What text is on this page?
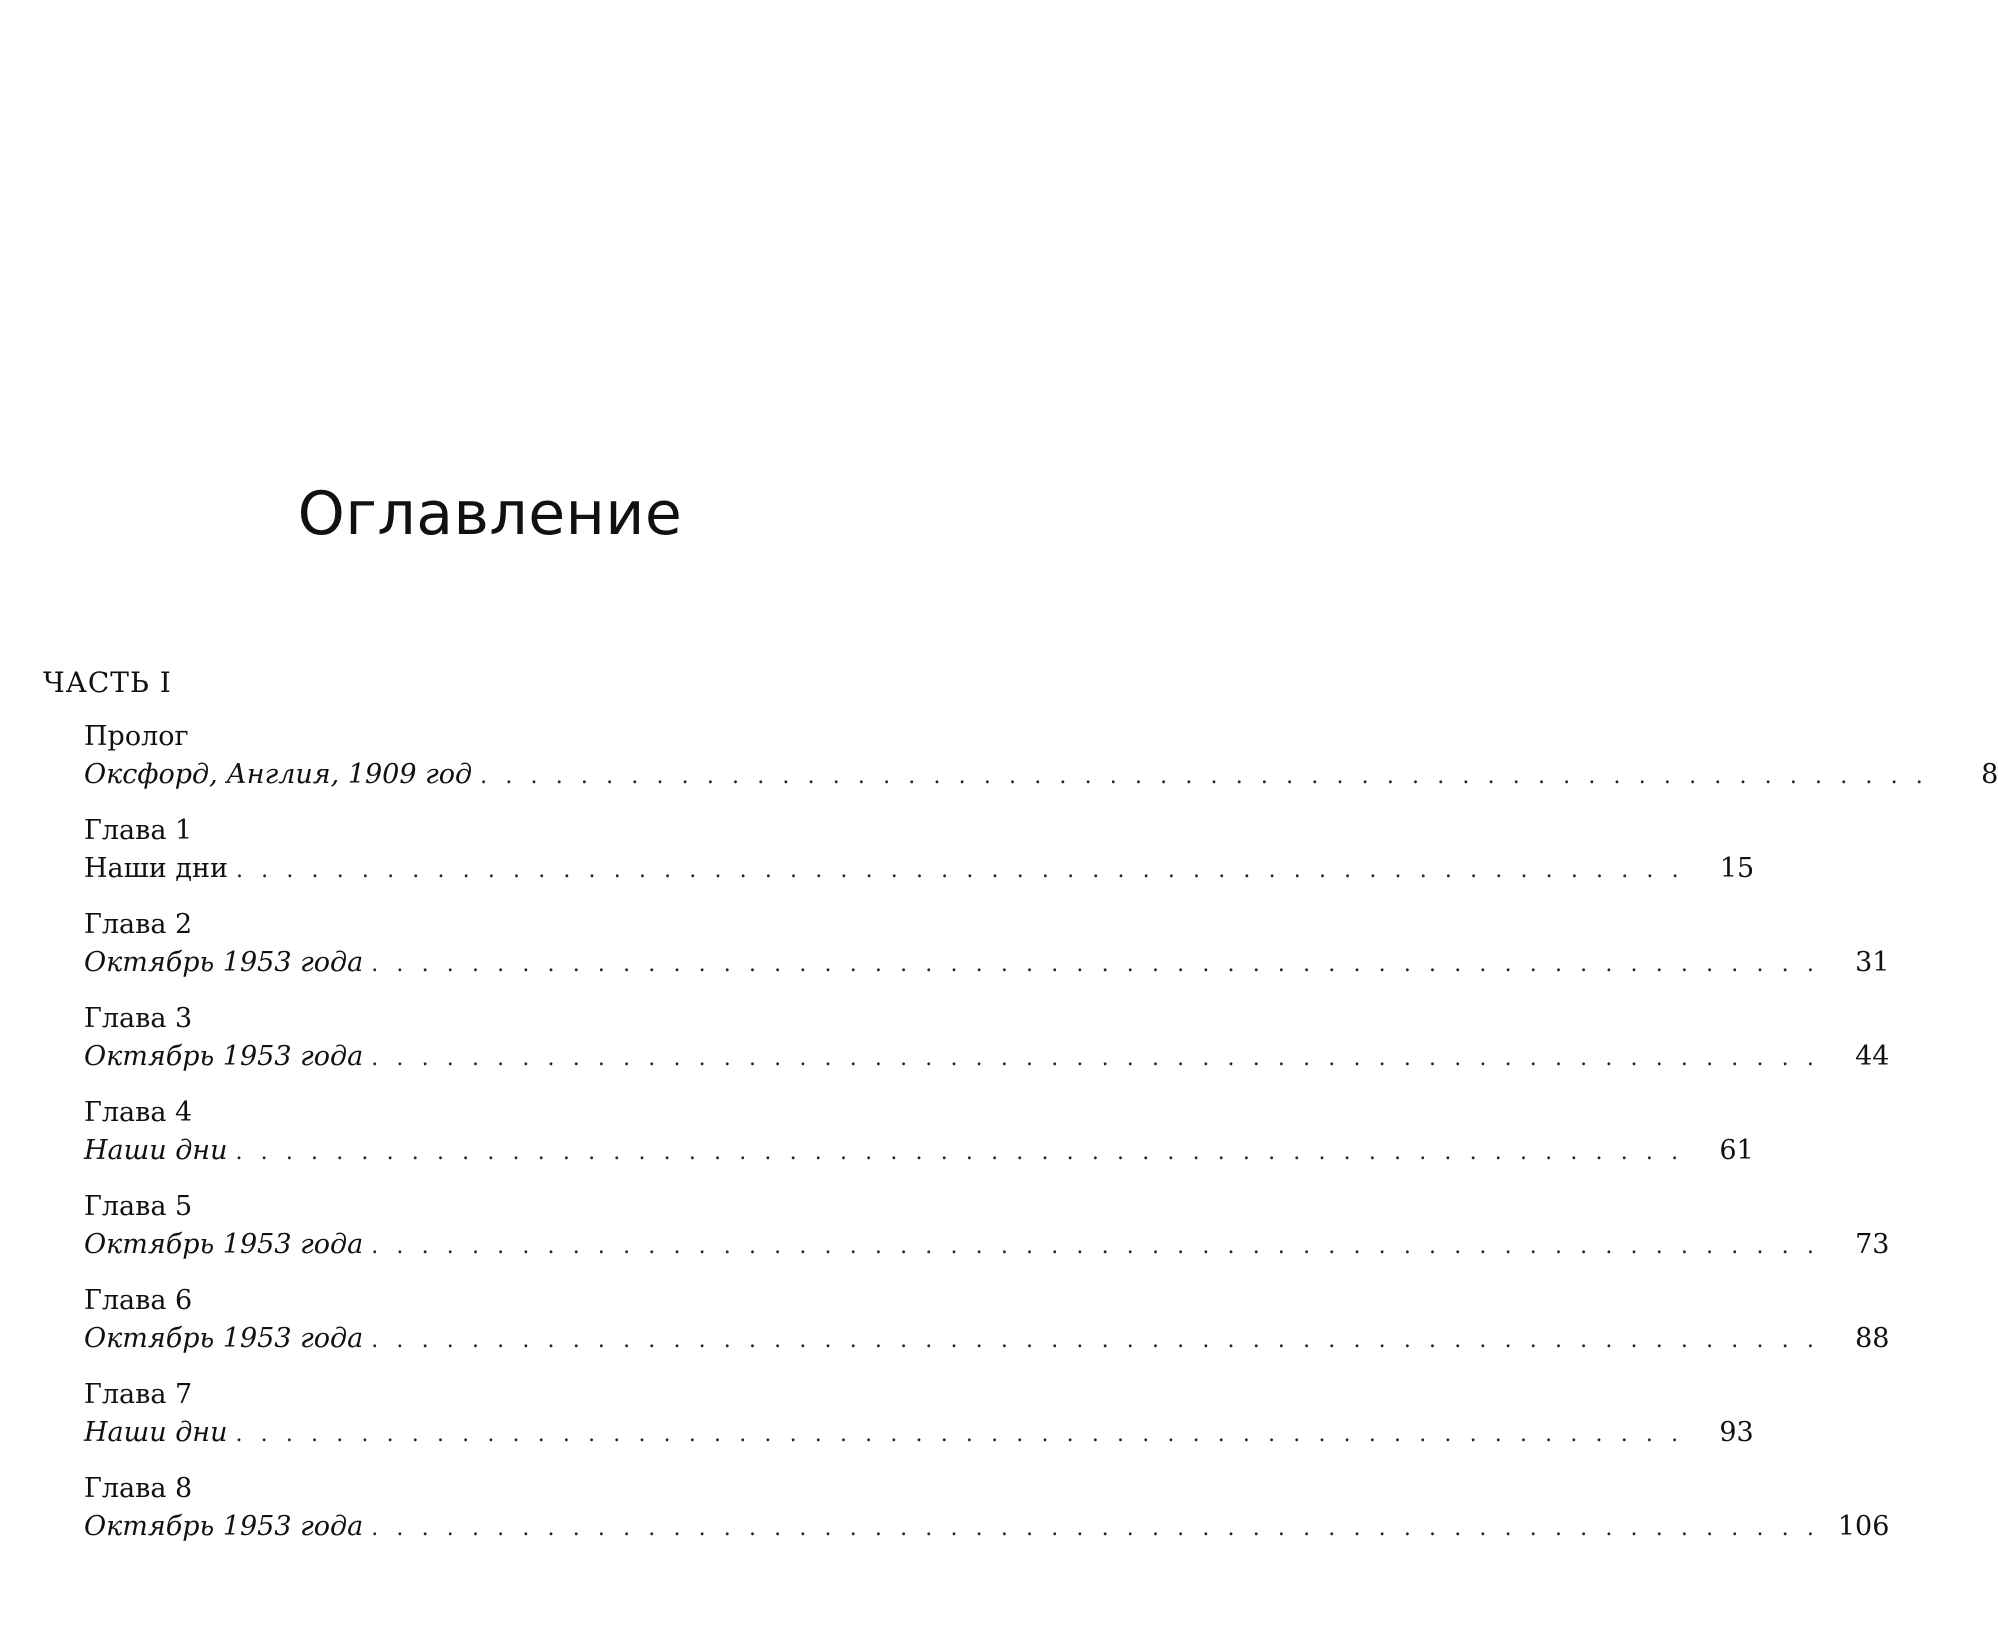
Оглавление
ЧАСТЬ I
Пролог
Оксфорд, Англия, 1909 год . . . . . . . . . . . . . . . . . . . . . . . . . . . . . . . . . . . . . . . . . . . . . . . . . . . . . . . . . .	8
Глава 1
Наши дни . . . . . . . . . . . . . . . . . . . . . . . . . . . . . . . . . . . . . . . . . . . . . . . . . . . . . . . . . .	15
Глава 2
Октябрь 1953 года . . . . . . . . . . . . . . . . . . . . . . . . . . . . . . . . . . . . . . . . . . . . . . . . . . . . . . . . . .	31
Глава 3
Октябрь 1953 года . . . . . . . . . . . . . . . . . . . . . . . . . . . . . . . . . . . . . . . . . . . . . . . . . . . . . . . . . .	44
Глава 4
Наши дни . . . . . . . . . . . . . . . . . . . . . . . . . . . . . . . . . . . . . . . . . . . . . . . . . . . . . . . . . .	61
Глава 5
Октябрь 1953 года . . . . . . . . . . . . . . . . . . . . . . . . . . . . . . . . . . . . . . . . . . . . . . . . . . . . . . . . . .	73
Глава 6
Октябрь 1953 года . . . . . . . . . . . . . . . . . . . . . . . . . . . . . . . . . . . . . . . . . . . . . . . . . . . . . . . . . .	88
Глава 7
Наши дни . . . . . . . . . . . . . . . . . . . . . . . . . . . . . . . . . . . . . . . . . . . . . . . . . . . . . . . . . .	93
Глава 8
Октябрь 1953 года . . . . . . . . . . . . . . . . . . . . . . . . . . . . . . . . . . . . . . . . . . . . . . . . . . . . . . . . . . 106
